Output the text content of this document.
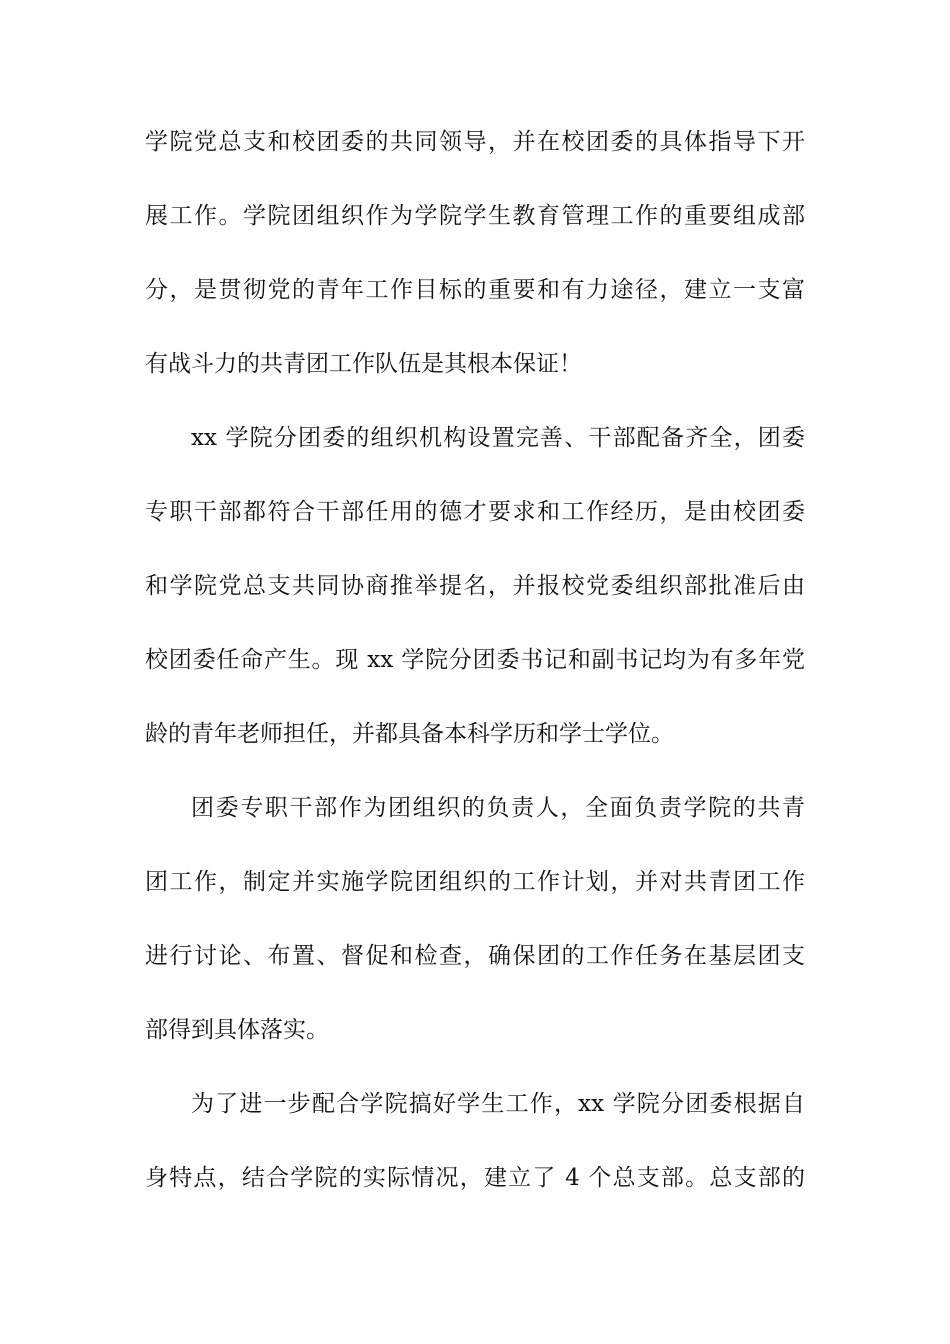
学院党总支和校团委的共同领导，并在校团委的具体指导下开
展工作。学院团组织作为学院学生教育管理工作的重要组成部
分，是贯彻党的青年工作目标的重要和有力途径，建立一支富
有战斗力的共青团工作队伍是其根本保证！
xx 学院分团委的组织机构设置完善、干部配备齐全，团委
专职干部都符合干部任用的德才要求和工作经历，是由校团委
和学院党总支共同协商推举提名，并报校党委组织部批准后由
校团委任命产生。现 xx 学院分团委书记和副书记均为有多年党
龄的青年老师担任，并都具备本科学历和学士学位。
团委专职干部作为团组织的负责人，全面负责学院的共青
团工作，制定并实施学院团组织的工作计划，并对共青团工作
进行讨论、布置、督促和检查，确保团的工作任务在基层团支
部得到具体落实。
为了进一步配合学院搞好学生工作，xx 学院分团委根据自
身特点，结合学院的实际情况，建立了 4 个总支部。总支部的
